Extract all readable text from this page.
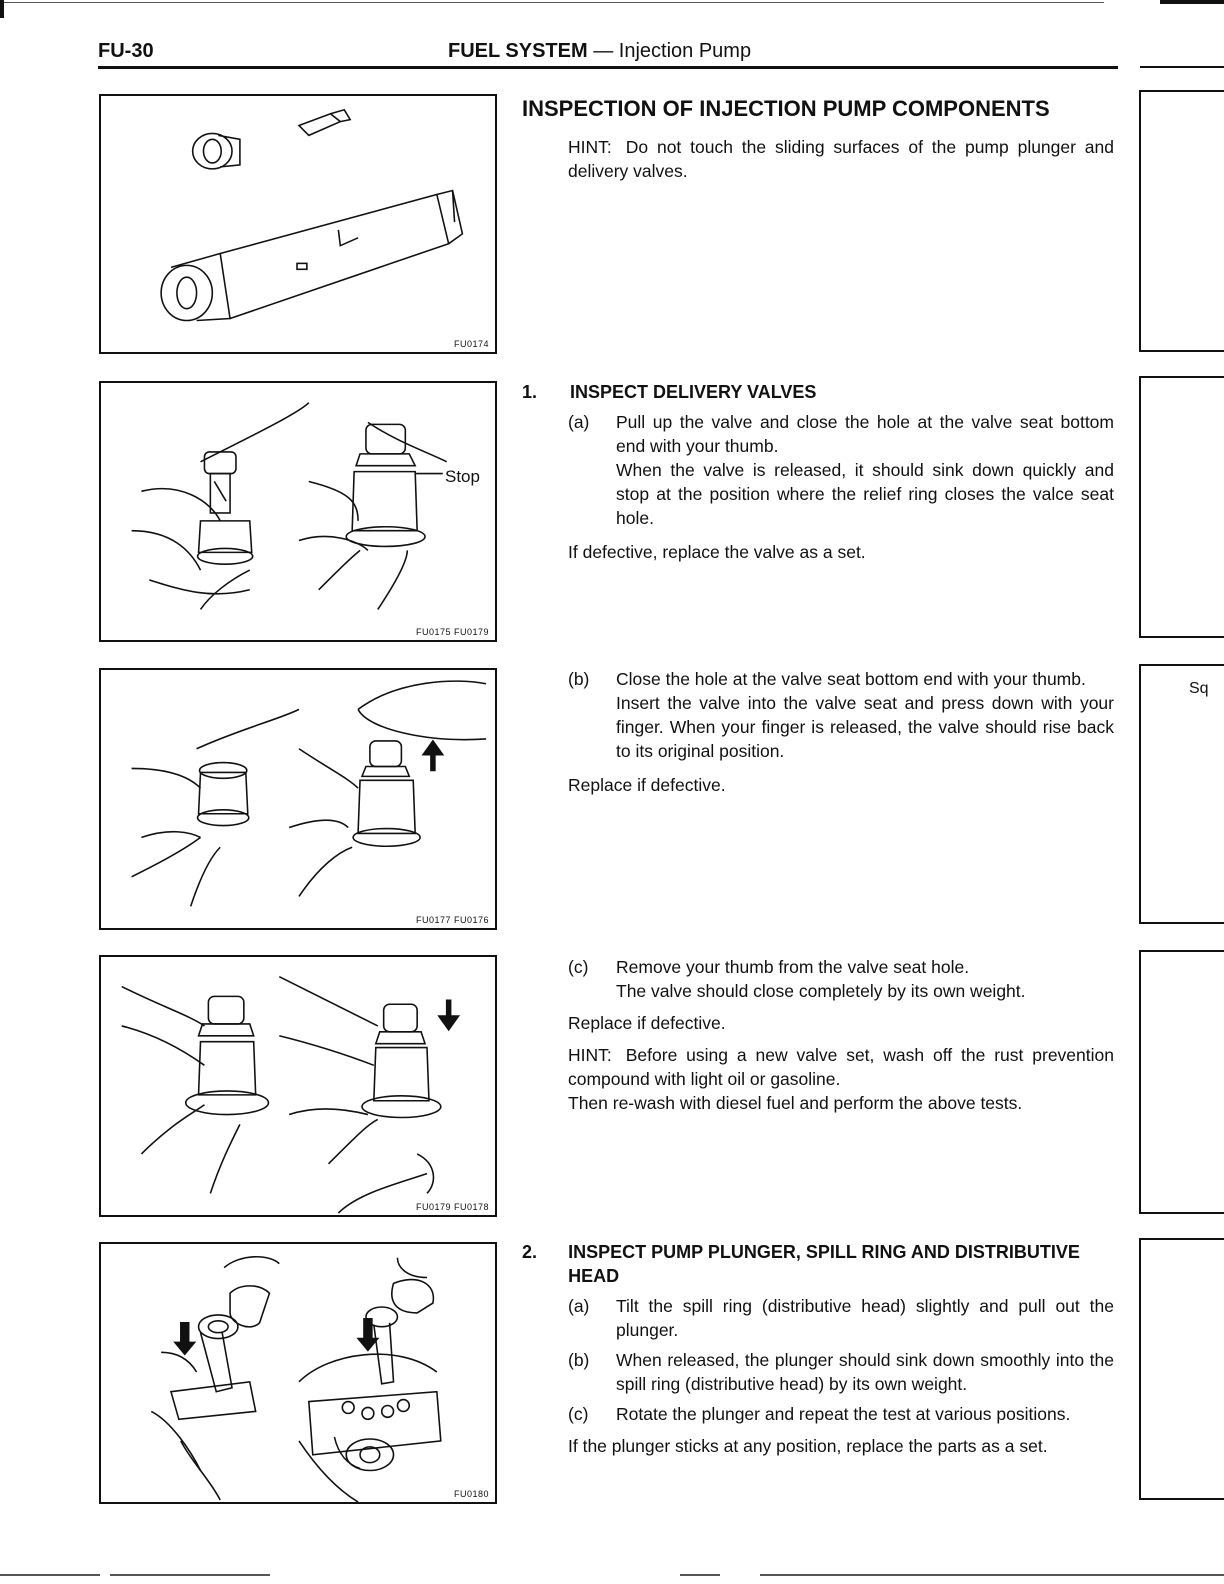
FU-30	FUEL SYSTEM — Injection Pump
FU0174
Stop
FU0175 FU0179
FU0177 FU0176
FU0179 FU0178
FU0180
Sq
INSPECTION OF INJECTION PUMP COMPONENTS
HINT: Do not touch the sliding surfaces of the pump plunger and delivery valves.
1.	INSPECT DELIVERY VALVES
(a)	Pull up the valve and close the hole at the valve seat bottom end with your thumb.
When the valve is released, it should sink down quickly and stop at the position where the relief ring closes the valce seat hole.
If defective, replace the valve as a set.
(b)	Close the hole at the valve seat bottom end with your thumb.
Insert the valve into the valve seat and press down with your finger. When your finger is released, the valve should rise back to its original position.
Replace if defective.
(c)	Remove your thumb from the valve seat hole.
The valve should close completely by its own weight.
Replace if defective.
HINT: Before using a new valve set, wash off the rust prevention compound with light oil or gasoline.
Then re-wash with diesel fuel and perform the above tests.
2.	INSPECT PUMP PLUNGER, SPILL RING AND DISTRIBUTIVE HEAD
(a)	Tilt the spill ring (distributive head) slightly and pull out the plunger.
(b)	When released, the plunger should sink down smoothly into the spill ring (distributive head) by its own weight.
(c)	Rotate the plunger and repeat the test at various positions.
If the plunger sticks at any position, replace the parts as a set.
